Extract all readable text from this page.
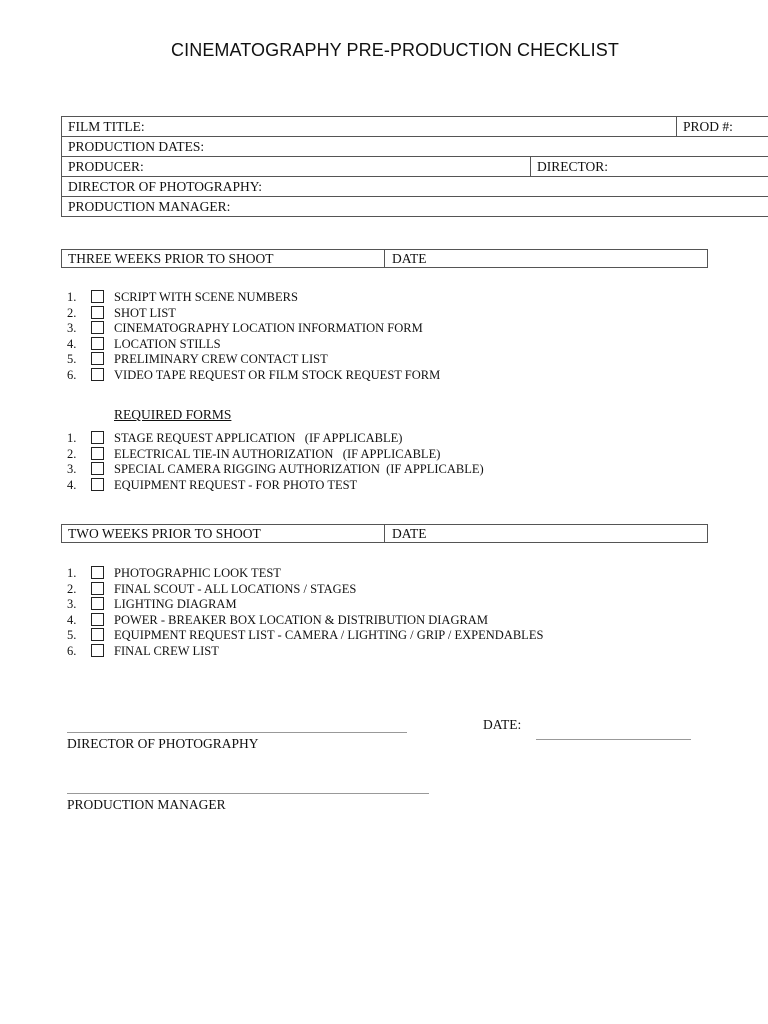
CINEMATOGRAPHY PRE-PRODUCTION CHECKLIST
FILM TITLE:		PROD #:
PRODUCTION DATES:		
PRODUCER:	DIRECTOR:	
DIRECTOR OF PHOTOGRAPHY:		
PRODUCTION MANAGER:		
THREE WEEKS PRIOR TO SHOOT	DATE
1.	SCRIPT WITH SCENE NUMBERS
2.	SHOT LIST
3.	CINEMATOGRAPHY LOCATION INFORMATION FORM
4.	LOCATION STILLS
5.	PRELIMINARY CREW CONTACT LIST
6.	VIDEO TAPE REQUEST OR FILM STOCK REQUEST FORM
REQUIRED FORMS
1.	STAGE REQUEST APPLICATION   (IF APPLICABLE)
2.	ELECTRICAL TIE-IN AUTHORIZATION   (IF APPLICABLE)
3.	SPECIAL CAMERA RIGGING AUTHORIZATION  (IF APPLICABLE)
4.	EQUIPMENT REQUEST - FOR PHOTO TEST
TWO WEEKS PRIOR TO SHOOT	DATE
1.	PHOTOGRAPHIC LOOK TEST
2.	FINAL SCOUT - ALL LOCATIONS / STAGES
3.	LIGHTING DIAGRAM
4.	POWER - BREAKER BOX LOCATION & DISTRIBUTION DIAGRAM
5.	EQUIPMENT REQUEST LIST - CAMERA / LIGHTING / GRIP / EXPENDABLES
6.	FINAL CREW LIST
DIRECTOR OF PHOTOGRAPHY
DATE:
PRODUCTION MANAGER
